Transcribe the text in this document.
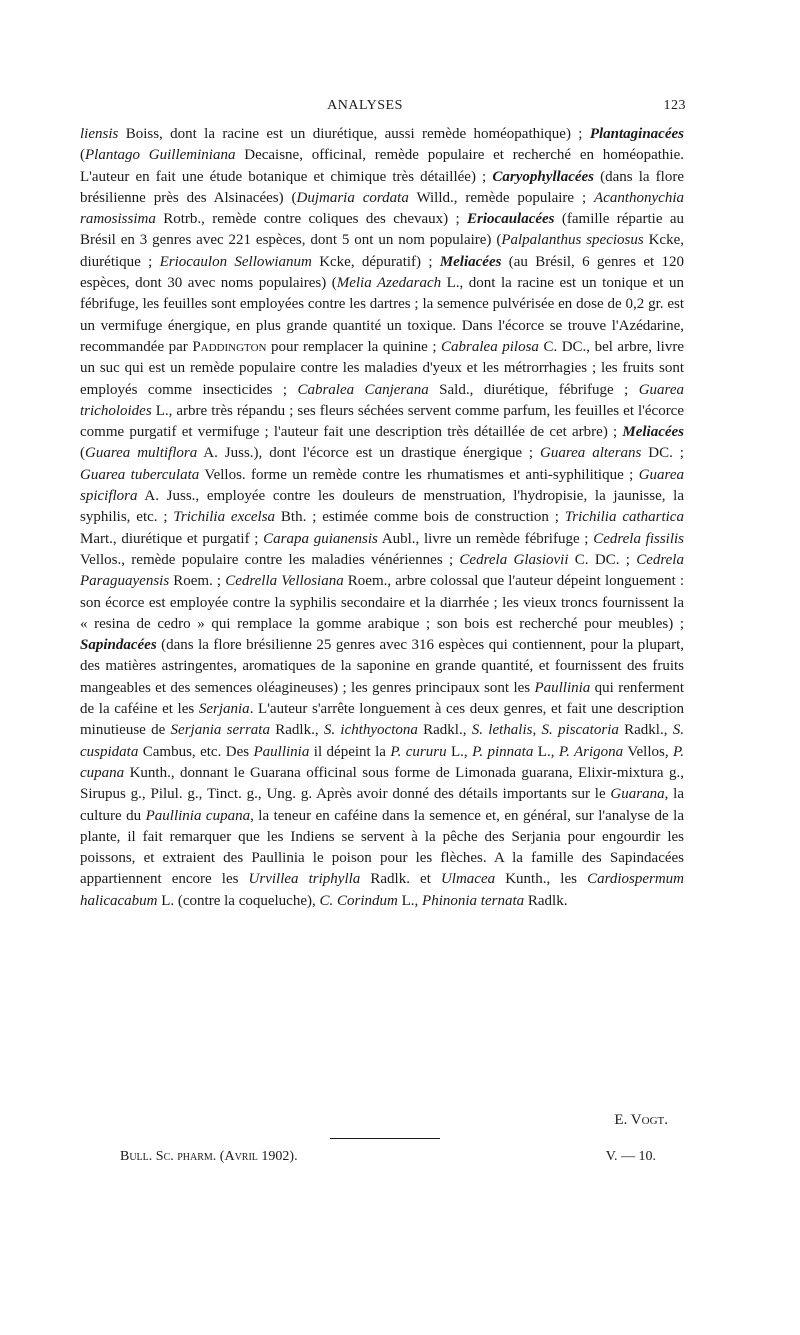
ANALYSES	123

liensis Boiss, dont la racine est un diurétique, aussi remède homéopathique) ; Plantaginacées (Plantago Guilleminiana Decaisne, officinal, remède populaire et recherché en homéopathie. L'auteur en fait une étude botanique et chimique très détaillée) ; Caryophyllacées (dans la flore brésilienne près des Alsinacées) (Dujmaria cordata Willd., remède populaire ; Acanthonychia ramosissima Rotrb., remède contre coliques des chevaux) ; Eriocaulacées (famille répartie au Brésil en 3 genres avec 221 espèces, dont 5 ont un nom populaire) (Palpalanthus speciosus Kcke, diurétique ; Eriocaulon Sellowianum Kcke, dépuratif) ; Meliacées (au Brésil, 6 genres et 120 espèces, dont 30 avec noms populaires) (Melia Azedarach L., dont la racine est un tonique et un fébrifuge, les feuilles sont employées contre les dartres ; la semence pulvérisée en dose de 0,2 gr. est un vermifuge énergique, en plus grande quantité un toxique. Dans l'écorce se trouve l'Azédarine, recommandée par Paddington pour remplacer la quinine ; Cabralea pilosa C. DC., bel arbre, livre un suc qui est un remède populaire contre les maladies d'yeux et les métrorrhagies ; les fruits sont employés comme insecticides ; Cabralea Canjerana Sald., diurétique, fébrifuge ; Guarea tricholoides L., arbre très répandu ; ses fleurs séchées servent comme parfum, les feuilles et l'écorce comme purgatif et vermifuge ; l'auteur fait une description très détaillée de cet arbre) ; Meliacées (Guarea multiflora A. Juss.), dont l'écorce est un drastique énergique ; Guarea alterans DC. ; Guarea tuberculata Vellos. forme un remède contre les rhumatismes et anti-syphilitique ; Guarea spiciflora A. Juss., employée contre les douleurs de menstruation, l'hydropisie, la jaunisse, la syphilis, etc. ; Trichilia excelsa Bth. ; estimée comme bois de construction ; Trichilia cathartica Mart., diurétique et purgatif ; Carapa guianensis Aubl., livre un remède fébrifuge ; Cedrela fissilis Vellos., remède populaire contre les maladies vénériennes ; Cedrela Glasiovii C. DC. ; Cedrela Paraguayensis Roem. ; Cedrella Vellosiana Roem., arbre colossal que l'auteur dépeint longuement : son écorce est employée contre la syphilis secondaire et la diarrhée ; les vieux troncs fournissent la « resina de cedro » qui remplace la gomme arabique ; son bois est recherché pour meubles) ; Sapindacées (dans la flore brésilienne 25 genres avec 316 espèces qui contiennent, pour la plupart, des matières astringentes, aromatiques de la saponine en grande quantité, et fournissent des fruits mangeables et des semences oléagineuses) ; les genres principaux sont les Paullinia qui renferment de la caféine et les Serjania. L'auteur s'arrête longuement à ces deux genres, et fait une description minutieuse de Serjania serrata Radlk., S. ichthyoctona Radkl., S. lethalis, S. piscatoria Radkl., S. cuspidata Cambus, etc. Des Paullinia il dépeint la P. cururu L., P. pinnata L., P. Arigona Vellos, P. cupana Kunth., donnant le Guarana officinal sous forme de Limonada guarana, Elixir-mixtura g., Sirupus g., Pilul. g., Tinct. g., Ung. g. Après avoir donné des détails importants sur le Guarana, la culture du Paullinia cupana, la teneur en caféine dans la semence et, en général, sur l'analyse de la plante, il fait remarquer que les Indiens se servent à la pêche des Serjania pour engourdir les poissons, et extraient des Paullinia le poison pour les flèches. A la famille des Sapindacées appartiennent encore les Urvillea triphylla Radlk. et Ulmacea Kunth., les Cardiospermum halicacabum L. (contre la coqueluche), C. Corindum L., Phinonia ternata Radlk.

E. Vogt.
Bull. Sc. pharm. (Avril 1902).	V. — 10.
